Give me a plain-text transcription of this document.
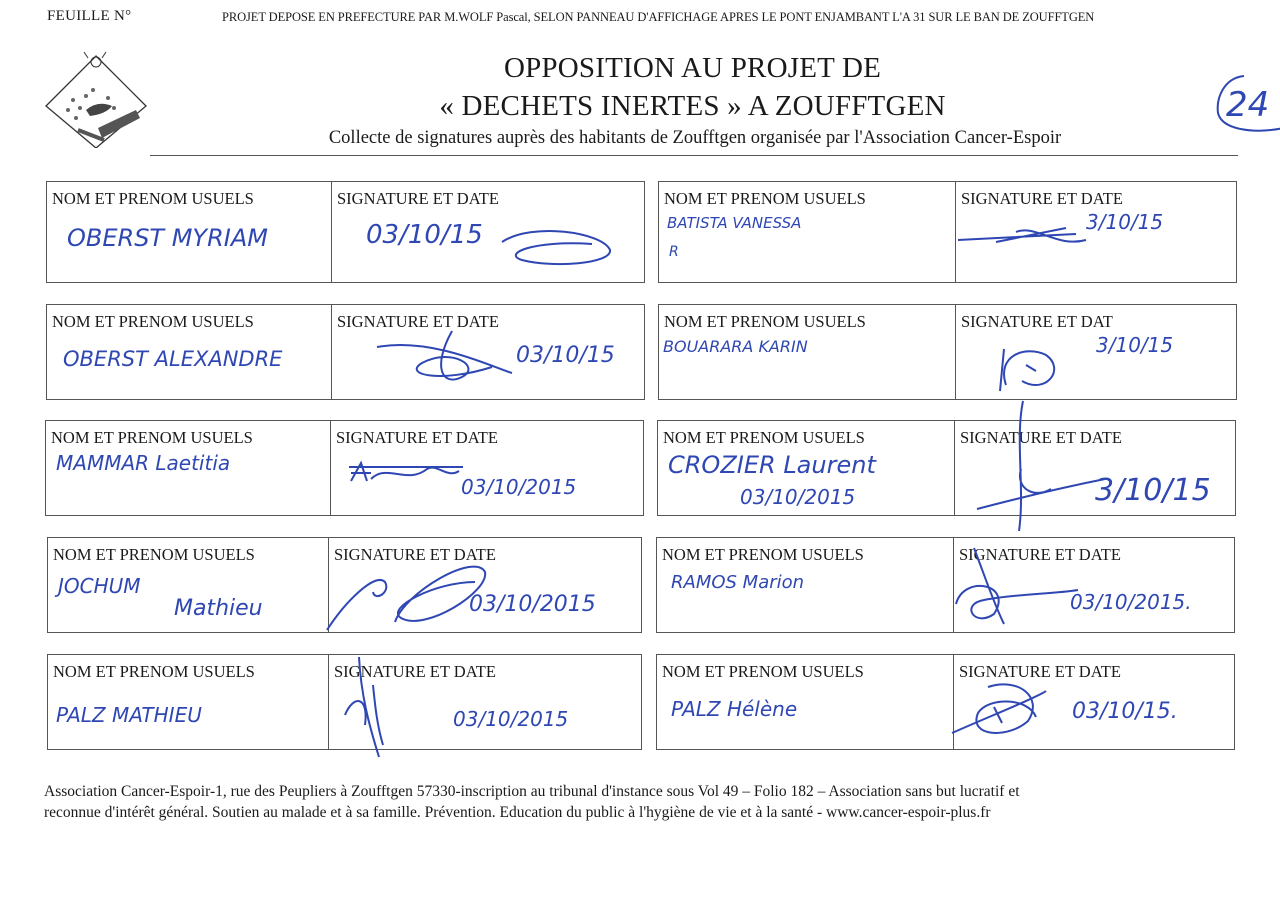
FEUILLE N°	PROJET DEPOSE EN PREFECTURE PAR M.WOLF Pascal, SELON PANNEAU D'AFFICHAGE APRES LE PONT ENJAMBANT L'A 31 SUR LE BAN DE ZOUFFTGEN
OPPOSITION AU PROJET DE
« DECHETS INERTES » A ZOUFFTGEN
Collecte de signatures auprès des habitants de Zoufftgen organisée par l'Association Cancer-Espoir
24
NOM ET PRENOM USUELS
OBERST MYRIAM
SIGNATURE ET DATE
03/10/15
NOM ET PRENOM USUELS
BATISTA VANESSA
R
SIGNATURE ET DATE
3/10/15
NOM ET PRENOM USUELS
OBERST ALEXANDRE
SIGNATURE ET DATE
03/10/15
NOM ET PRENOM USUELS
BOUARARA KARIN
SIGNATURE ET DAT
3/10/15
NOM ET PRENOM USUELS
MAMMAR Laetitia
SIGNATURE ET DATE
03/10/2015
NOM ET PRENOM USUELS
CROZIER Laurent
03/10/2015
SIGNATURE ET DATE
3/10/15
NOM ET PRENOM USUELS
JOCHUM
Mathieu
SIGNATURE ET DATE
03/10/2015
NOM ET PRENOM USUELS
RAMOS Marion
SIGNATURE ET DATE
03/10/2015.
NOM ET PRENOM USUELS
PALZ MATHIEU
SIGNATURE ET DATE
03/10/2015
NOM ET PRENOM USUELS
PALZ Hélène
SIGNATURE ET DATE
03/10/15.
Association Cancer-Espoir-1, rue des Peupliers à Zoufftgen 57330-inscription au tribunal d'instance sous Vol 49 – Folio 182 – Association sans but lucratif et
reconnue d'intérêt général. Soutien au malade et à sa famille. Prévention. Education du public à l'hygiène de vie et à la santé - www.cancer-espoir-plus.fr
